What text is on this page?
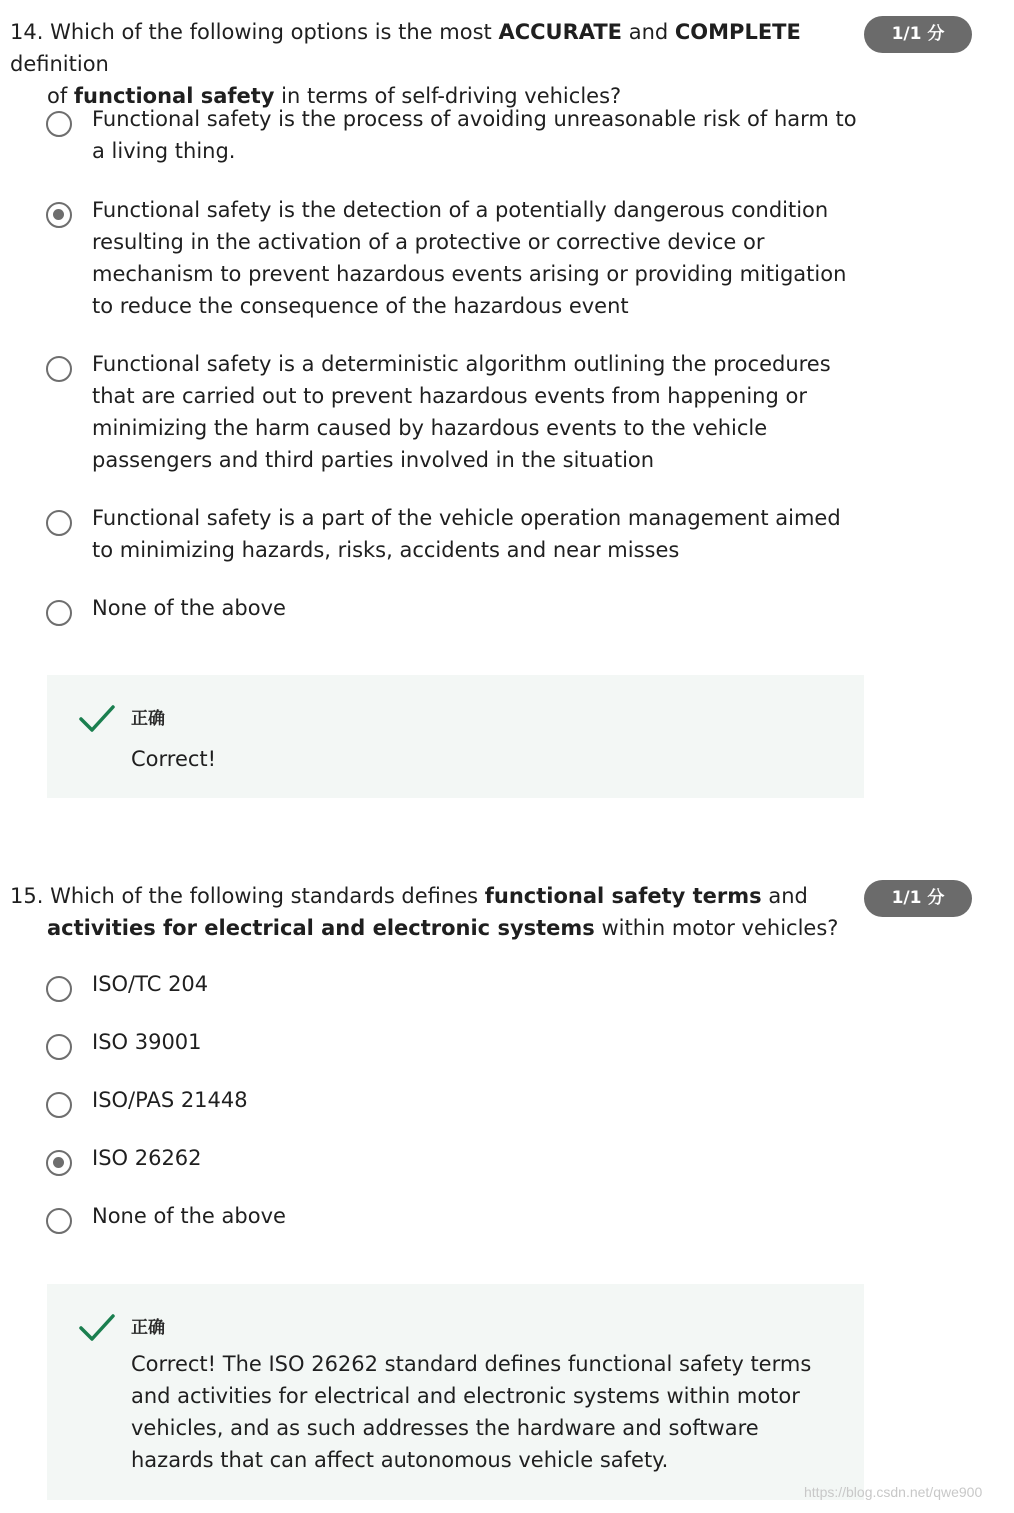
14. Which of the following options is the most ACCURATE and COMPLETE definition
of functional safety in terms of self-driving vehicles?
1/1 分
Functional safety is the process of avoiding unreasonable risk of harm to a living thing.
Functional safety is the detection of a potentially dangerous condition resulting in the activation of a protective or corrective device or mechanism to prevent hazardous events arising or providing mitigation to reduce the consequence of the hazardous event
Functional safety is a deterministic algorithm outlining the procedures that are carried out to prevent hazardous events from happening or minimizing the harm caused by hazardous events to the vehicle passengers and third parties involved in the situation
Functional safety is a part of the vehicle operation management aimed to minimizing hazards, risks, accidents and near misses
None of the above
正确
Correct!
15. Which of the following standards defines functional safety terms and
activities for electrical and electronic systems within motor vehicles?
1/1 分
ISO/TC 204
ISO 39001
ISO/PAS 21448
ISO 26262
None of the above
正确
Correct! The ISO 26262 standard defines functional safety terms and activities for electrical and electronic systems within motor vehicles, and as such addresses the hardware and software hazards that can affect autonomous vehicle safety.
https://blog.csdn.net/qwe900
